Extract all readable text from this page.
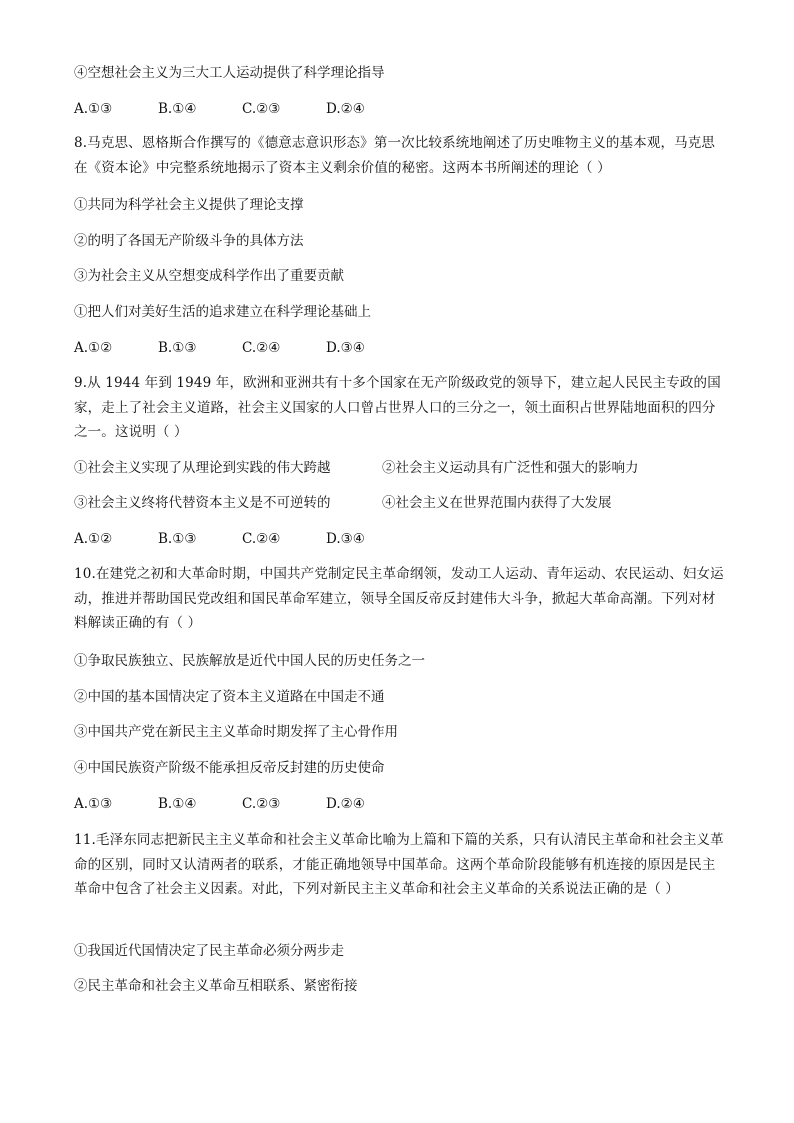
④空想社会主义为三大工人运动提供了科学理论指导
A.①③	B.①④	C.②③	D.②④
8.马克思、恩格斯合作撰写的《德意志意识形态》第一次比较系统地阐述了历史唯物主义的基本观，马克思在《资本论》中完整系统地揭示了资本主义剩余价值的秘密。这两本书所阐述的理论（ ）
①共同为科学社会主义提供了理论支撑
②的明了各国无产阶级斗争的具体方法
③为社会主义从空想变成科学作出了重要贡献
①把人们对美好生活的追求建立在科学理论基础上
A.①②	B.①③	C.②④	D.③④
9.从 1944 年到 1949 年，欧洲和亚洲共有十多个国家在无产阶级政党的领导下，建立起人民民主专政的国家，走上了社会主义道路，社会主义国家的人口曾占世界人口的三分之一，领土面积占世界陆地面积的四分之一。这说明（ ）
①社会主义实现了从理论到实践的伟大跨越	②社会主义运动具有广泛性和强大的影响力
③社会主义终将代替资本主义是不可逆转的	④社会主义在世界范围内获得了大发展
A.①②	B.①③	C.②④	D.③④
10.在建党之初和大革命时期，中国共产党制定民主革命纲领，发动工人运动、青年运动、农民运动、妇女运动，推进并帮助国民党改组和国民革命军建立，领导全国反帝反封建伟大斗争，掀起大革命高潮。下列对材料解读正确的有（ ）
①争取民族独立、民族解放是近代中国人民的历史任务之一
②中国的基本国情决定了资本主义道路在中国走不通
③中国共产党在新民主主义革命时期发挥了主心骨作用
④中国民族资产阶级不能承担反帝反封建的历史使命
A.①③	B.①④	C.②③	D.②④
11.毛泽东同志把新民主主义革命和社会主义革命比喻为上篇和下篇的关系，只有认清民主革命和社会主义革命的区别，同时又认清两者的联系，才能正确地领导中国革命。这两个革命阶段能够有机连接的原因是民主革命中包含了社会主义因素。对此，下列对新民主主义革命和社会主义革命的关系说法正确的是（ ）
①我国近代国情决定了民主革命必须分两步走
②民主革命和社会主义革命互相联系、紧密衔接
